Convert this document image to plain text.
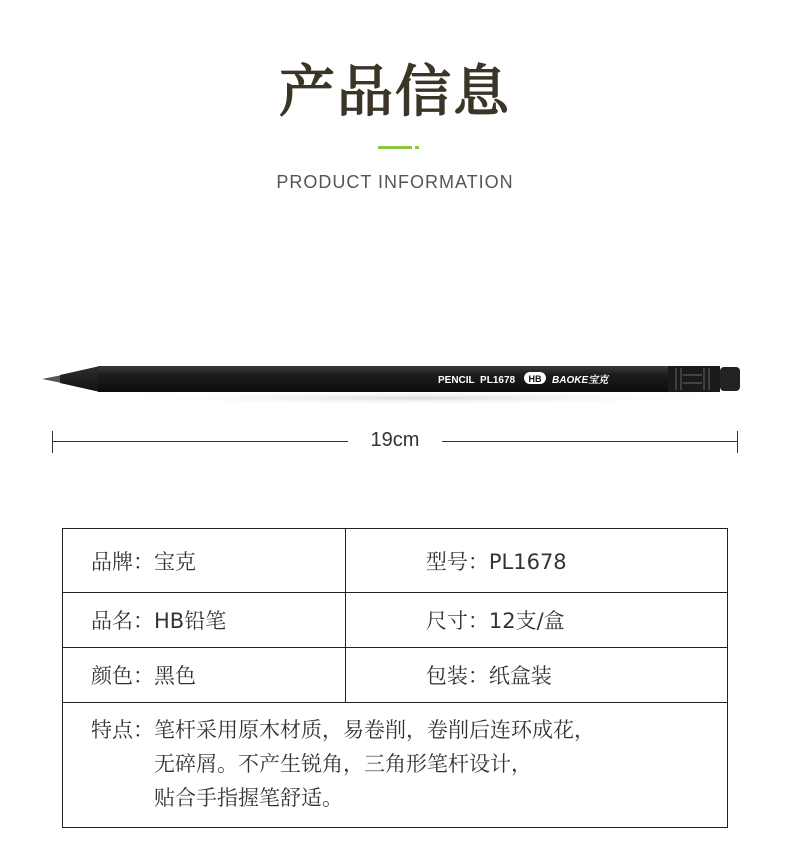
产品信息
PRODUCT INFORMATION
PENCIL  PL1678 HB BAOKE宝克
19cm
品牌：宝克	型号：PL1678
品名：HB铅笔	尺寸：12支/盒
颜色：黑色	包装：纸盒装

特点： 笔杆采用原木材质，易卷削，卷削后连环成花，
无碎屑。不产生锐角，三角形笔杆设计，
贴合手指握笔舒适。	
